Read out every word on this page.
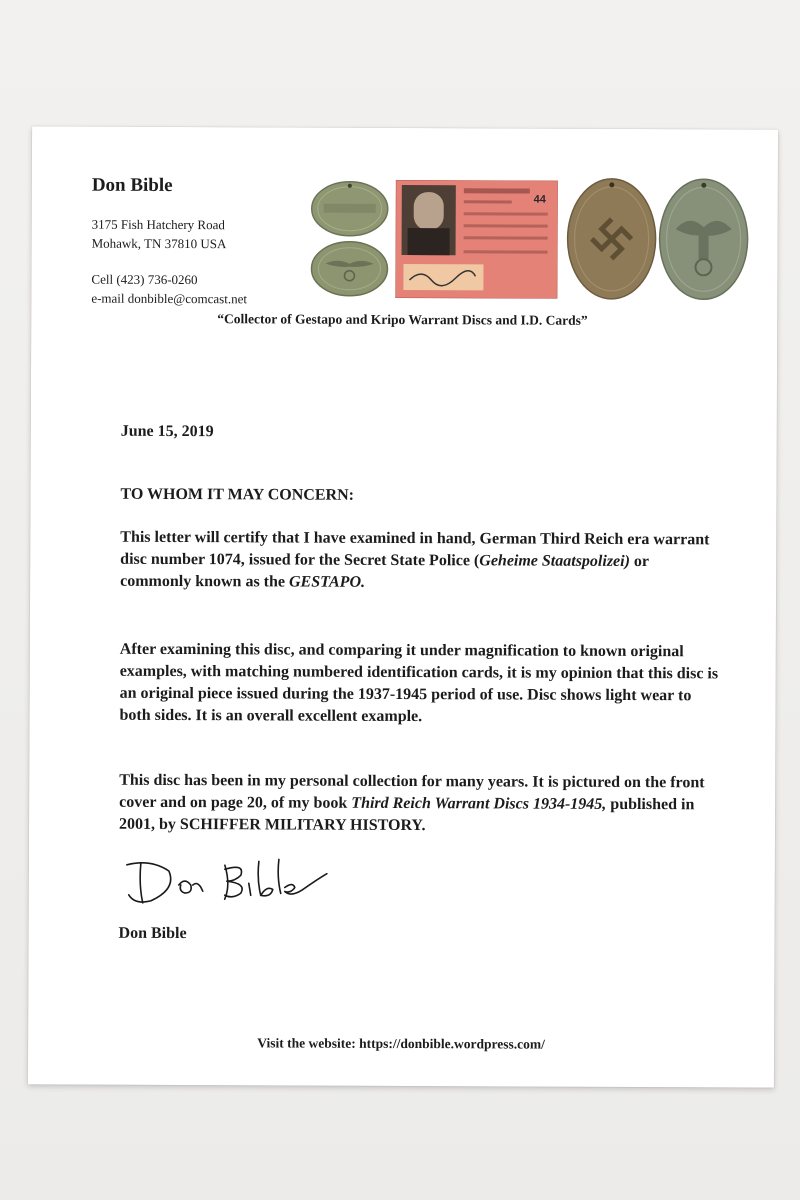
Don Bible
3175 Fish Hatchery Road
Mohawk, TN 37810 USA
Cell (423) 736-0260
e-mail donbible@comcast.net
44
“Collector of Gestapo and Kripo Warrant Discs and I.D. Cards”
June 15, 2019
TO WHOM IT MAY CONCERN:
This letter will certify that I have examined in hand, German Third Reich era warrant disc number 1074, issued for the Secret State Police (Geheime Staatspolizei) or commonly known as the GESTAPO.
After examining this disc, and comparing it under magnification to known original examples, with matching numbered identification cards, it is my opinion that this disc is an original piece issued during the 1937-1945 period of use. Disc shows light wear to both sides. It is an overall excellent example.
This disc has been in my personal collection for many years. It is pictured on the front cover and on page 20, of my book Third Reich Warrant Discs 1934-1945, published in 2001, by SCHIFFER MILITARY HISTORY.
Don Bible
Visit the website: https://donbible.wordpress.com/
